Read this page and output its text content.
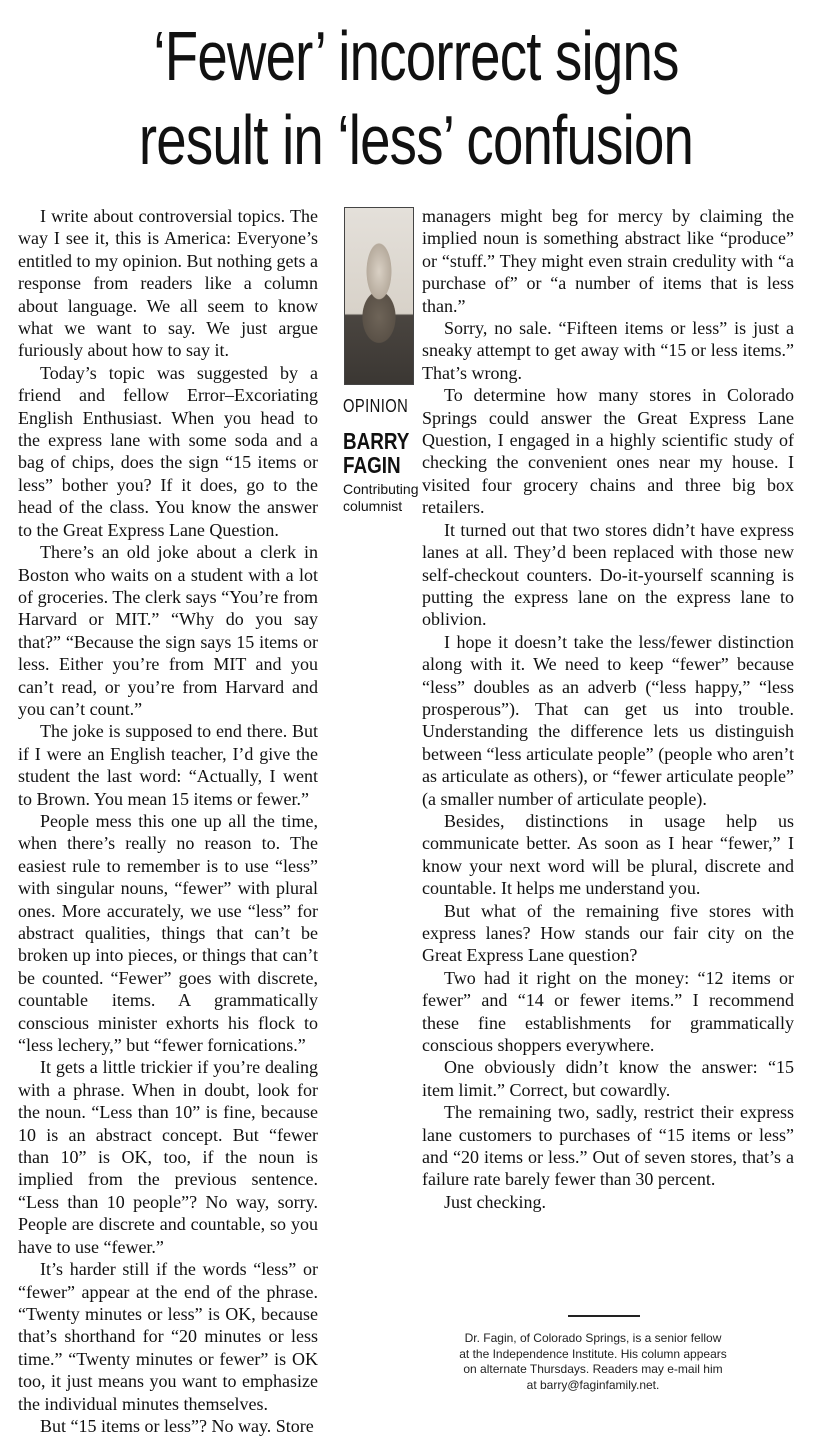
‘Fewer’ incorrect signs
result in ‘less’ confusion

I write about controversial topics. The way I see it, this is America: Everyone’s entitled to my opinion. But nothing gets a response from readers like a column about language. We all seem to know what we want to say. We just argue furiously about how to say it.

Today’s topic was suggested by a friend and fellow Error–Excoriating English Enthusiast. When you head to the express lane with some soda and a bag of chips, does the sign “15 items or less” bother you? If it does, go to the head of the class. You know the answer to the Great Express Lane Question.

There’s an old joke about a clerk in Boston who waits on a student with a lot of groceries. The clerk says “You’re from Harvard or MIT.” “Why do you say that?” “Because the sign says 15 items or less. Either you’re from MIT and you can’t read, or you’re from Harvard and you can’t count.”

The joke is supposed to end there. But if I were an English teacher, I’d give the student the last word: “Actually, I went to Brown. You mean 15 items or fewer.”

People mess this one up all the time, when there’s really no reason to. The easiest rule to remember is to use “less” with singular nouns, “fewer” with plural ones. More accurately, we use “less” for abstract qualities, things that can’t be broken up into pieces, or things that can’t be counted. “Fewer” goes with discrete, countable items. A grammatically conscious minister exhorts his flock to “less lechery,” but “fewer fornications.”

It gets a little trickier if you’re dealing with a phrase. When in doubt, look for the noun. “Less than 10” is fine, because 10 is an abstract concept. But “fewer than 10” is OK, too, if the noun is implied from the previous sentence. “Less than 10 people”? No way, sorry. People are discrete and countable, so you have to use “fewer.”

It’s harder still if the words “less” or “fewer” appear at the end of the phrase. “Twenty minutes or less” is OK, because that’s shorthand for “20 minutes or less time.” “Twenty minutes or fewer” is OK too, it just means you want to emphasize the individual minutes themselves.

But “15 items or less”? No way. Store

OPINION
BARRY
FAGIN
Contributing
columnist

managers might beg for mercy by claiming the implied noun is something abstract like “produce” or “stuff.” They might even strain credulity with “a purchase of” or “a number of items that is less than.”

Sorry, no sale. “Fifteen items or less” is just a sneaky attempt to get away with “15 or less items.” That’s wrong.

To determine how many stores in Colorado Springs could answer the Great Express Lane Question, I engaged in a highly scientific study of checking the convenient ones near my house. I visited four grocery chains and three big box retailers.

It turned out that two stores didn’t have express lanes at all. They’d been replaced with those new self-checkout counters. Do-it-yourself scanning is putting the express lane on the express lane to oblivion.

I hope it doesn’t take the less/fewer distinction along with it. We need to keep “fewer” because “less” doubles as an adverb (“less happy,” “less prosperous”). That can get us into trouble. Understanding the difference lets us distinguish between “less articulate people” (people who aren’t as articulate as others), or “fewer articulate people” (a smaller number of articulate people).

Besides, distinctions in usage help us communicate better. As soon as I hear “fewer,” I know your next word will be plural, discrete and countable. It helps me understand you.

But what of the remaining five stores with express lanes? How stands our fair city on the Great Express Lane question?

Two had it right on the money: “12 items or fewer” and “14 or fewer items.” I recommend these fine establishments for grammatically conscious shoppers everywhere.

One obviously didn’t know the answer: “15 item limit.” Correct, but cowardly.

The remaining two, sadly, restrict their express lane customers to purchases of “15 items or less” and “20 items or less.” Out of seven stores, that’s a failure rate barely fewer than 30 percent.

Just checking.

Dr. Fagin, of Colorado Springs, is a senior fellow
at the Independence Institute. His column appears
on alternate Thursdays. Readers may e-mail him
at barry@faginfamily.net.
